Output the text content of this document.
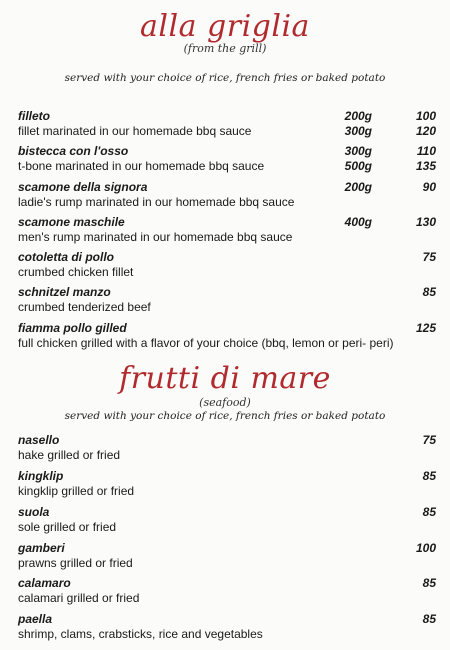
alla griglia
(from the grill)
served with your choice of rice, french fries or baked potato
filleto
fillet marinated in our homemade bbq sauce
200g	100
300g	120
bistecca con l'osso
t-bone marinated in our homemade bbq sauce
300g	110
500g	135
scamone della signora
ladie's rump marinated in our homemade bbq sauce
200g	90
scamone maschile
men's rump marinated in our homemade bbq sauce
400g	130
cotoletta di pollo
crumbed chicken fillet
75
schnitzel manzo
crumbed tenderized beef
85
fiamma pollo gilled
full chicken grilled with a flavor of your choice (bbq, lemon or peri- peri)
125
frutti di mare
(seafood)
served with your choice of rice, french fries or baked potato
nasello
hake grilled or fried
75
kingklip
kingklip grilled or fried
85
suola
sole grilled or fried
85
gamberi
prawns grilled or fried
100
calamaro
calamari grilled or fried
85
paella
shrimp, clams, crabsticks, rice and vegetables
85
